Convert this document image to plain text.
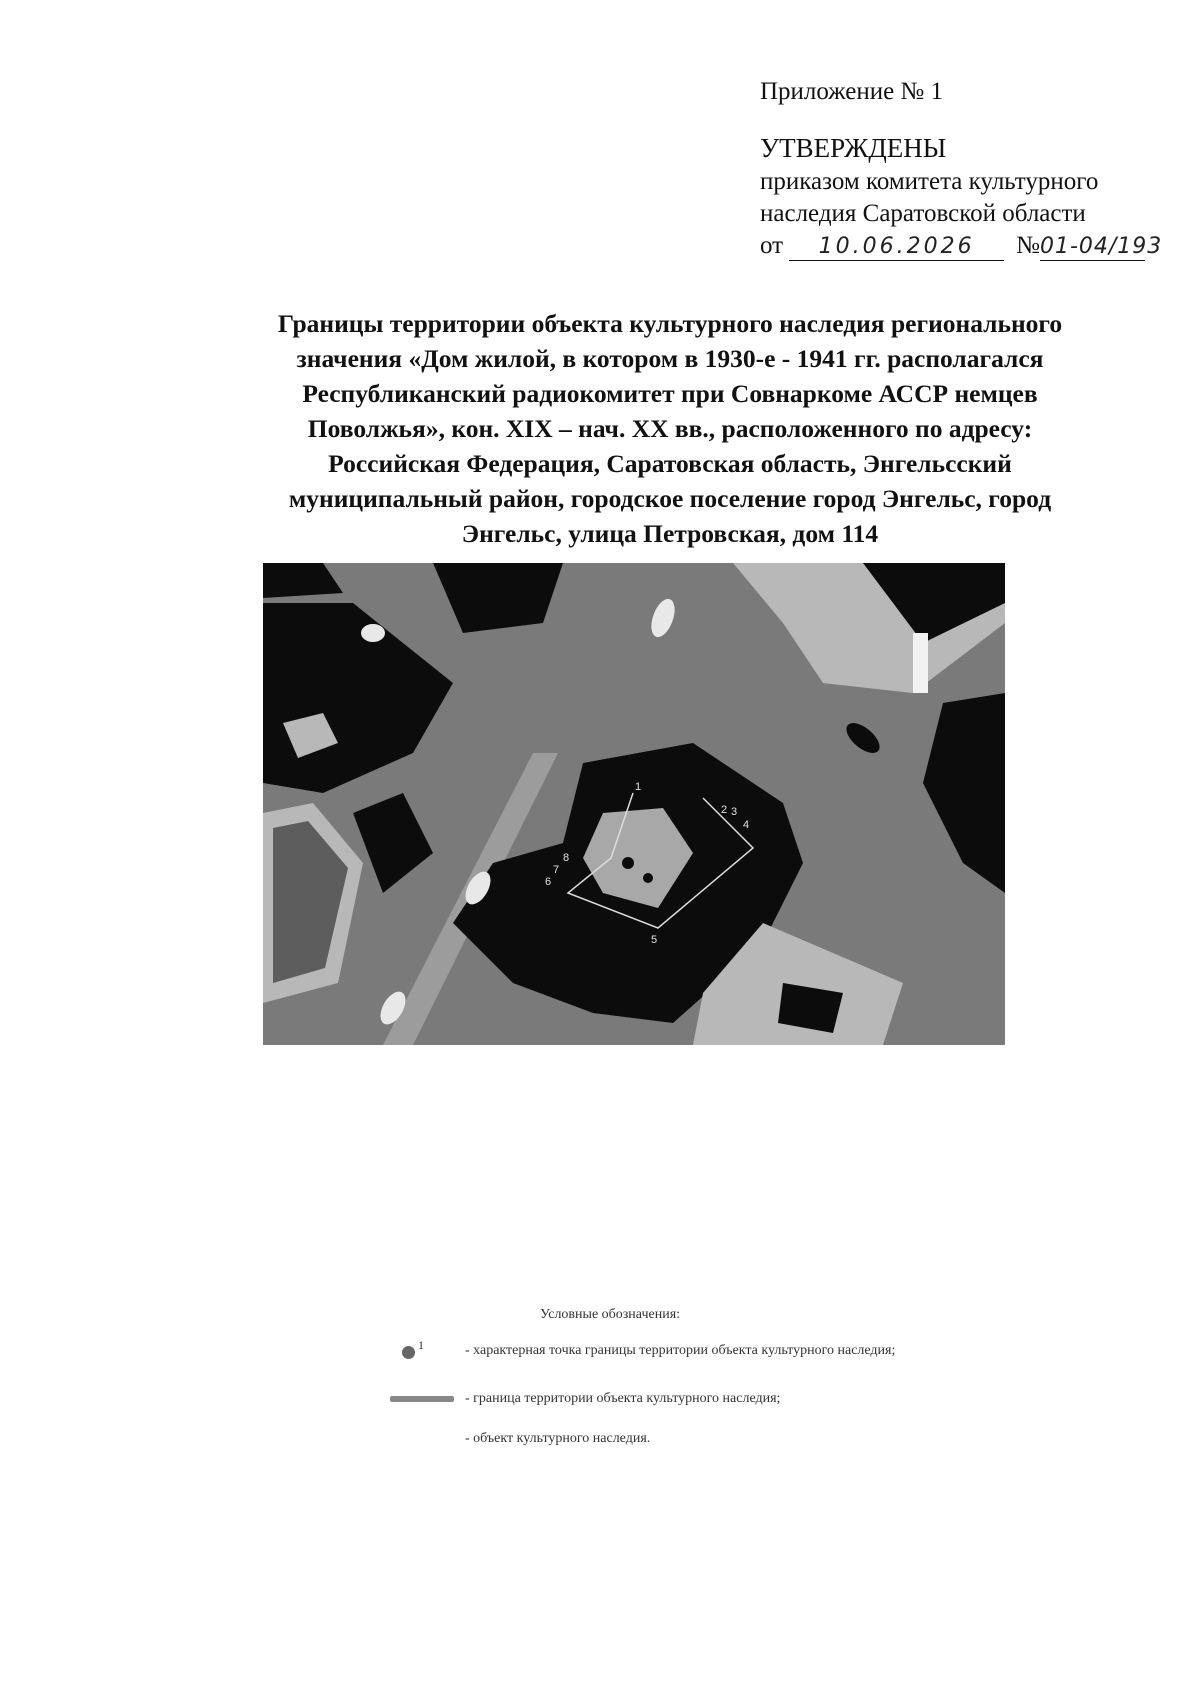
Приложение № 1
УТВЕРЖДЕНЫ
приказом комитета культурного
наследия Саратовской области
от 10.06.2026 №01-04/193
Границы территории объекта культурного наследия регионального
значения «Дом жилой, в котором в 1930-е - 1941 гг. располагался
Республиканский радиокомитет при Совнаркоме АССР немцев
Поволжья», кон. XIX – нач. XX вв., расположенного по адресу:
Российская Федерация, Саратовская область, Энгельсский
муниципальный район, городское поселение город Энгельс, город
Энгельс, улица Петровская, дом 114
1
2 3
4
5
6
7
8
Условные обозначения:
1	- характерная точка границы территории объекта культурного наследия;
- граница территории объекта культурного наследия;
- объект культурного наследия.
